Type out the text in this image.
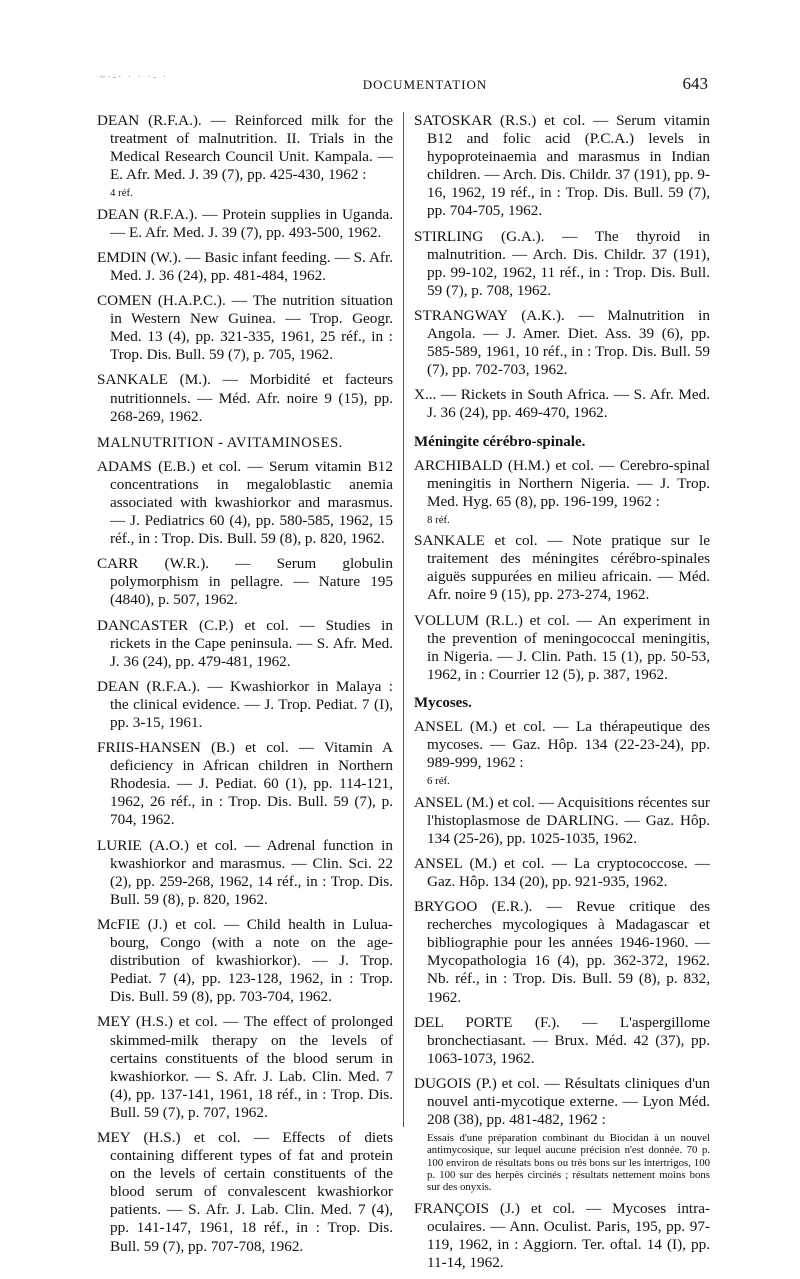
~·-· · · ·- ·	DOCUMENTATION	643
DEAN (R.F.A.). — Reinforced milk for the treatment of malnutrition. II. Trials in the Medical Research Council Unit. Kampala. — E. Afr. Med. J. 39 (7), pp. 425-430, 1962 :
4 réf.
DEAN (R.F.A.). — Protein supplies in Uganda. — E. Afr. Med. J. 39 (7), pp. 493-500, 1962.
EMDIN (W.). — Basic infant feeding. — S. Afr. Med. J. 36 (24), pp. 481-484, 1962.
COMEN (H.A.P.C.). — The nutrition situation in Western New Guinea. — Trop. Geogr. Med. 13 (4), pp. 321-335, 1961, 25 réf., in : Trop. Dis. Bull. 59 (7), p. 705, 1962.
SANKALE (M.). — Morbidité et facteurs nutritionnels. — Méd. Afr. noire 9 (15), pp. 268-269, 1962.
MALNUTRITION - AVITAMINOSES.
ADAMS (E.B.) et col. — Serum vitamin B12 concentrations in megaloblastic anemia associated with kwashiorkor and marasmus. — J. Pediatrics 60 (4), pp. 580-585, 1962, 15 réf., in : Trop. Dis. Bull. 59 (8), p. 820, 1962.
CARR (W.R.). — Serum globulin polymorphism in pellagre. — Nature 195 (4840), p. 507, 1962.
DANCASTER (C.P.) et col. — Studies in rickets in the Cape peninsula. — S. Afr. Med. J. 36 (24), pp. 479-481, 1962.
DEAN (R.F.A.). — Kwashiorkor in Malaya : the clinical evidence. — J. Trop. Pediat. 7 (I), pp. 3-15, 1961.
FRIIS-HANSEN (B.) et col. — Vitamin A deficiency in African children in Northern Rhodesia. — J. Pediat. 60 (1), pp. 114-121, 1962, 26 réf., in : Trop. Dis. Bull. 59 (7), p. 704, 1962.
LURIE (A.O.) et col. — Adrenal function in kwashiorkor and marasmus. — Clin. Sci. 22 (2), pp. 259-268, 1962, 14 réf., in : Trop. Dis. Bull. 59 (8), p. 820, 1962.
McFIE (J.) et col. — Child health in Lulua-bourg, Congo (with a note on the age-distribution of kwashiorkor). — J. Trop. Pediat. 7 (4), pp. 123-128, 1962, in : Trop. Dis. Bull. 59 (8), pp. 703-704, 1962.
MEY (H.S.) et col. — The effect of prolonged skimmed-milk therapy on the levels of certains constituents of the blood serum in kwashiorkor. — S. Afr. J. Lab. Clin. Med. 7 (4), pp. 137-141, 1961, 18 réf., in : Trop. Dis. Bull. 59 (7), p. 707, 1962.
MEY (H.S.) et col. — Effects of diets containing different types of fat and protein on the levels of certain constituents of the blood serum of convalescent kwashiorkor patients. — S. Afr. J. Lab. Clin. Med. 7 (4), pp. 141-147, 1961, 18 réf., in : Trop. Dis. Bull. 59 (7), pp. 707-708, 1962.
SATOSKAR (R.S.) et col. — Serum vitamin B12 and folic acid (P.C.A.) levels in hypoproteinaemia and marasmus in Indian children. — Arch. Dis. Childr. 37 (191), pp. 9-16, 1962, 19 réf., in : Trop. Dis. Bull. 59 (7), pp. 704-705, 1962.
STIRLING (G.A.). — The thyroid in malnutrition. — Arch. Dis. Childr. 37 (191), pp. 99-102, 1962, 11 réf., in : Trop. Dis. Bull. 59 (7), p. 708, 1962.
STRANGWAY (A.K.). — Malnutrition in Angola. — J. Amer. Diet. Ass. 39 (6), pp. 585-589, 1961, 10 réf., in : Trop. Dis. Bull. 59 (7), pp. 702-703, 1962.
X... — Rickets in South Africa. — S. Afr. Med. J. 36 (24), pp. 469-470, 1962.
Méningite cérébro-spinale.
ARCHIBALD (H.M.) et col. — Cerebro-spinal meningitis in Northern Nigeria. — J. Trop. Med. Hyg. 65 (8), pp. 196-199, 1962 :
8 réf.
SANKALE et col. — Note pratique sur le traitement des méningites cérébro-spinales aiguës suppurées en milieu africain. — Méd. Afr. noire 9 (15), pp. 273-274, 1962.
VOLLUM (R.L.) et col. — An experiment in the prevention of meningococcal meningitis, in Nigeria. — J. Clin. Path. 15 (1), pp. 50-53, 1962, in : Courrier 12 (5), p. 387, 1962.
Mycoses.
ANSEL (M.) et col. — La thérapeutique des mycoses. — Gaz. Hôp. 134 (22-23-24), pp. 989-999, 1962 :
6 réf.
ANSEL (M.) et col. — Acquisitions récentes sur l'histoplasmose de DARLING. — Gaz. Hôp. 134 (25-26), pp. 1025-1035, 1962.
ANSEL (M.) et col. — La cryptococcose. — Gaz. Hôp. 134 (20), pp. 921-935, 1962.
BRYGOO (E.R.). — Revue critique des recherches mycologiques à Madagascar et bibliographie pour les années 1946-1960. — Mycopathologia 16 (4), pp. 362-372, 1962. Nb. réf., in : Trop. Dis. Bull. 59 (8), p. 832, 1962.
DEL PORTE (F.). — L'aspergillome bronchectiasant. — Brux. Méd. 42 (37), pp. 1063-1073, 1962.
DUGOIS (P.) et col. — Résultats cliniques d'un nouvel anti-mycotique externe. — Lyon Méd. 208 (38), pp. 481-482, 1962 :
Essais d'une préparation combinant du Biocidan à un nouvel antimycosique, sur lequel aucune précision n'est donnée. 70 p. 100 environ de résultats bons ou très bons sur les intertrigos, 100 p. 100 sur des herpès circinés ; résultats nettement moins bons sur des onyxis.
FRANÇOIS (J.) et col. — Mycoses intra-oculaires. — Ann. Oculist. Paris, 195, pp. 97-119, 1962, in : Aggiorn. Ter. oftal. 14 (I), pp. 11-14, 1962.
